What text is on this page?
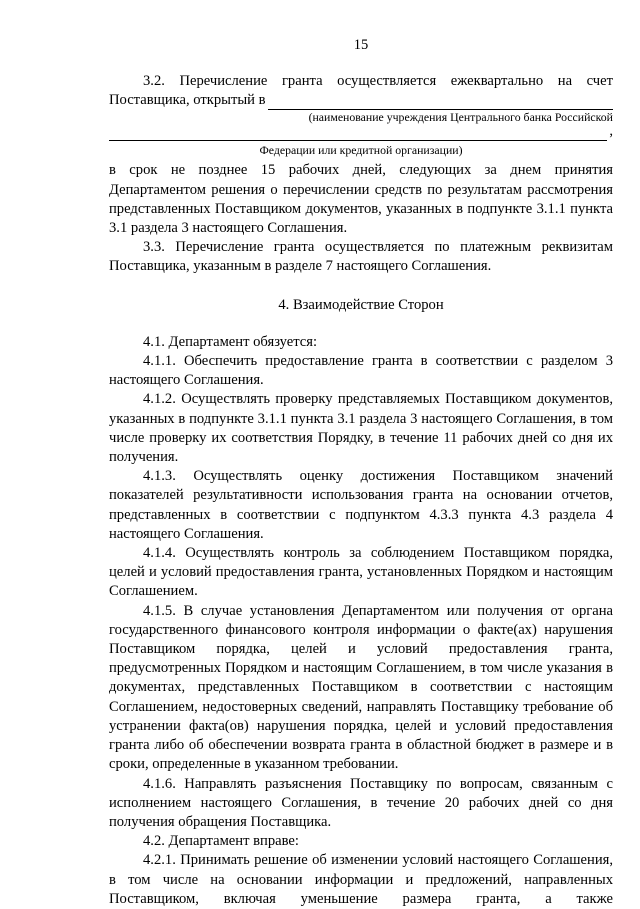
15

3.2. Перечисление гранта осуществляется ежеквартально на счет

Поставщика, открытый в
(наименование учреждения Центрального банка Российской
,
Федерации или кредитной организации)

в срок не позднее 15 рабочих дней, следующих за днем принятия Департаментом решения о перечислении средств по результатам рассмотрения представленных Поставщиком документов, указанных в подпункте 3.1.1 пункта 3.1 раздела 3 настоящего Соглашения.

3.3. Перечисление гранта осуществляется по платежным реквизитам Поставщика, указанным в разделе 7 настоящего Соглашения.

4. Взаимодействие Сторон

4.1. Департамент обязуется:

4.1.1. Обеспечить предоставление гранта в соответствии с разделом 3 настоящего Соглашения.

4.1.2. Осуществлять проверку представляемых Поставщиком документов, указанных в подпункте 3.1.1 пункта 3.1 раздела 3 настоящего Соглашения, в том числе проверку их соответствия Порядку, в течение 11 рабочих дней со дня их получения.

4.1.3. Осуществлять оценку достижения Поставщиком значений показателей результативности использования гранта на основании отчетов, представленных в соответствии с подпунктом 4.3.3 пункта 4.3 раздела 4 настоящего Соглашения.

4.1.4. Осуществлять контроль за соблюдением Поставщиком порядка, целей и условий предоставления гранта, установленных Порядком и настоящим Соглашением.

4.1.5. В случае установления Департаментом или получения от органа государственного финансового контроля информации о факте(ах) нарушения Поставщиком порядка, целей и условий предоставления гранта, предусмотренных Порядком и настоящим Соглашением, в том числе указания в документах, представленных Поставщиком в соответствии с настоящим Соглашением, недостоверных сведений, направлять Поставщику требование об устранении факта(ов) нарушения порядка, целей и условий предоставления гранта либо об обеспечении возврата гранта в областной бюджет в размере и в сроки, определенные в указанном требовании.

4.1.6. Направлять разъяснения Поставщику по вопросам, связанным с исполнением настоящего Соглашения, в течение 20 рабочих дней со дня получения обращения Поставщика.

4.2. Департамент вправе:

4.2.1. Принимать решение об изменении условий настоящего Соглашения, в том числе на основании информации и предложений, направленных Поставщиком, включая уменьшение размера гранта, а также
